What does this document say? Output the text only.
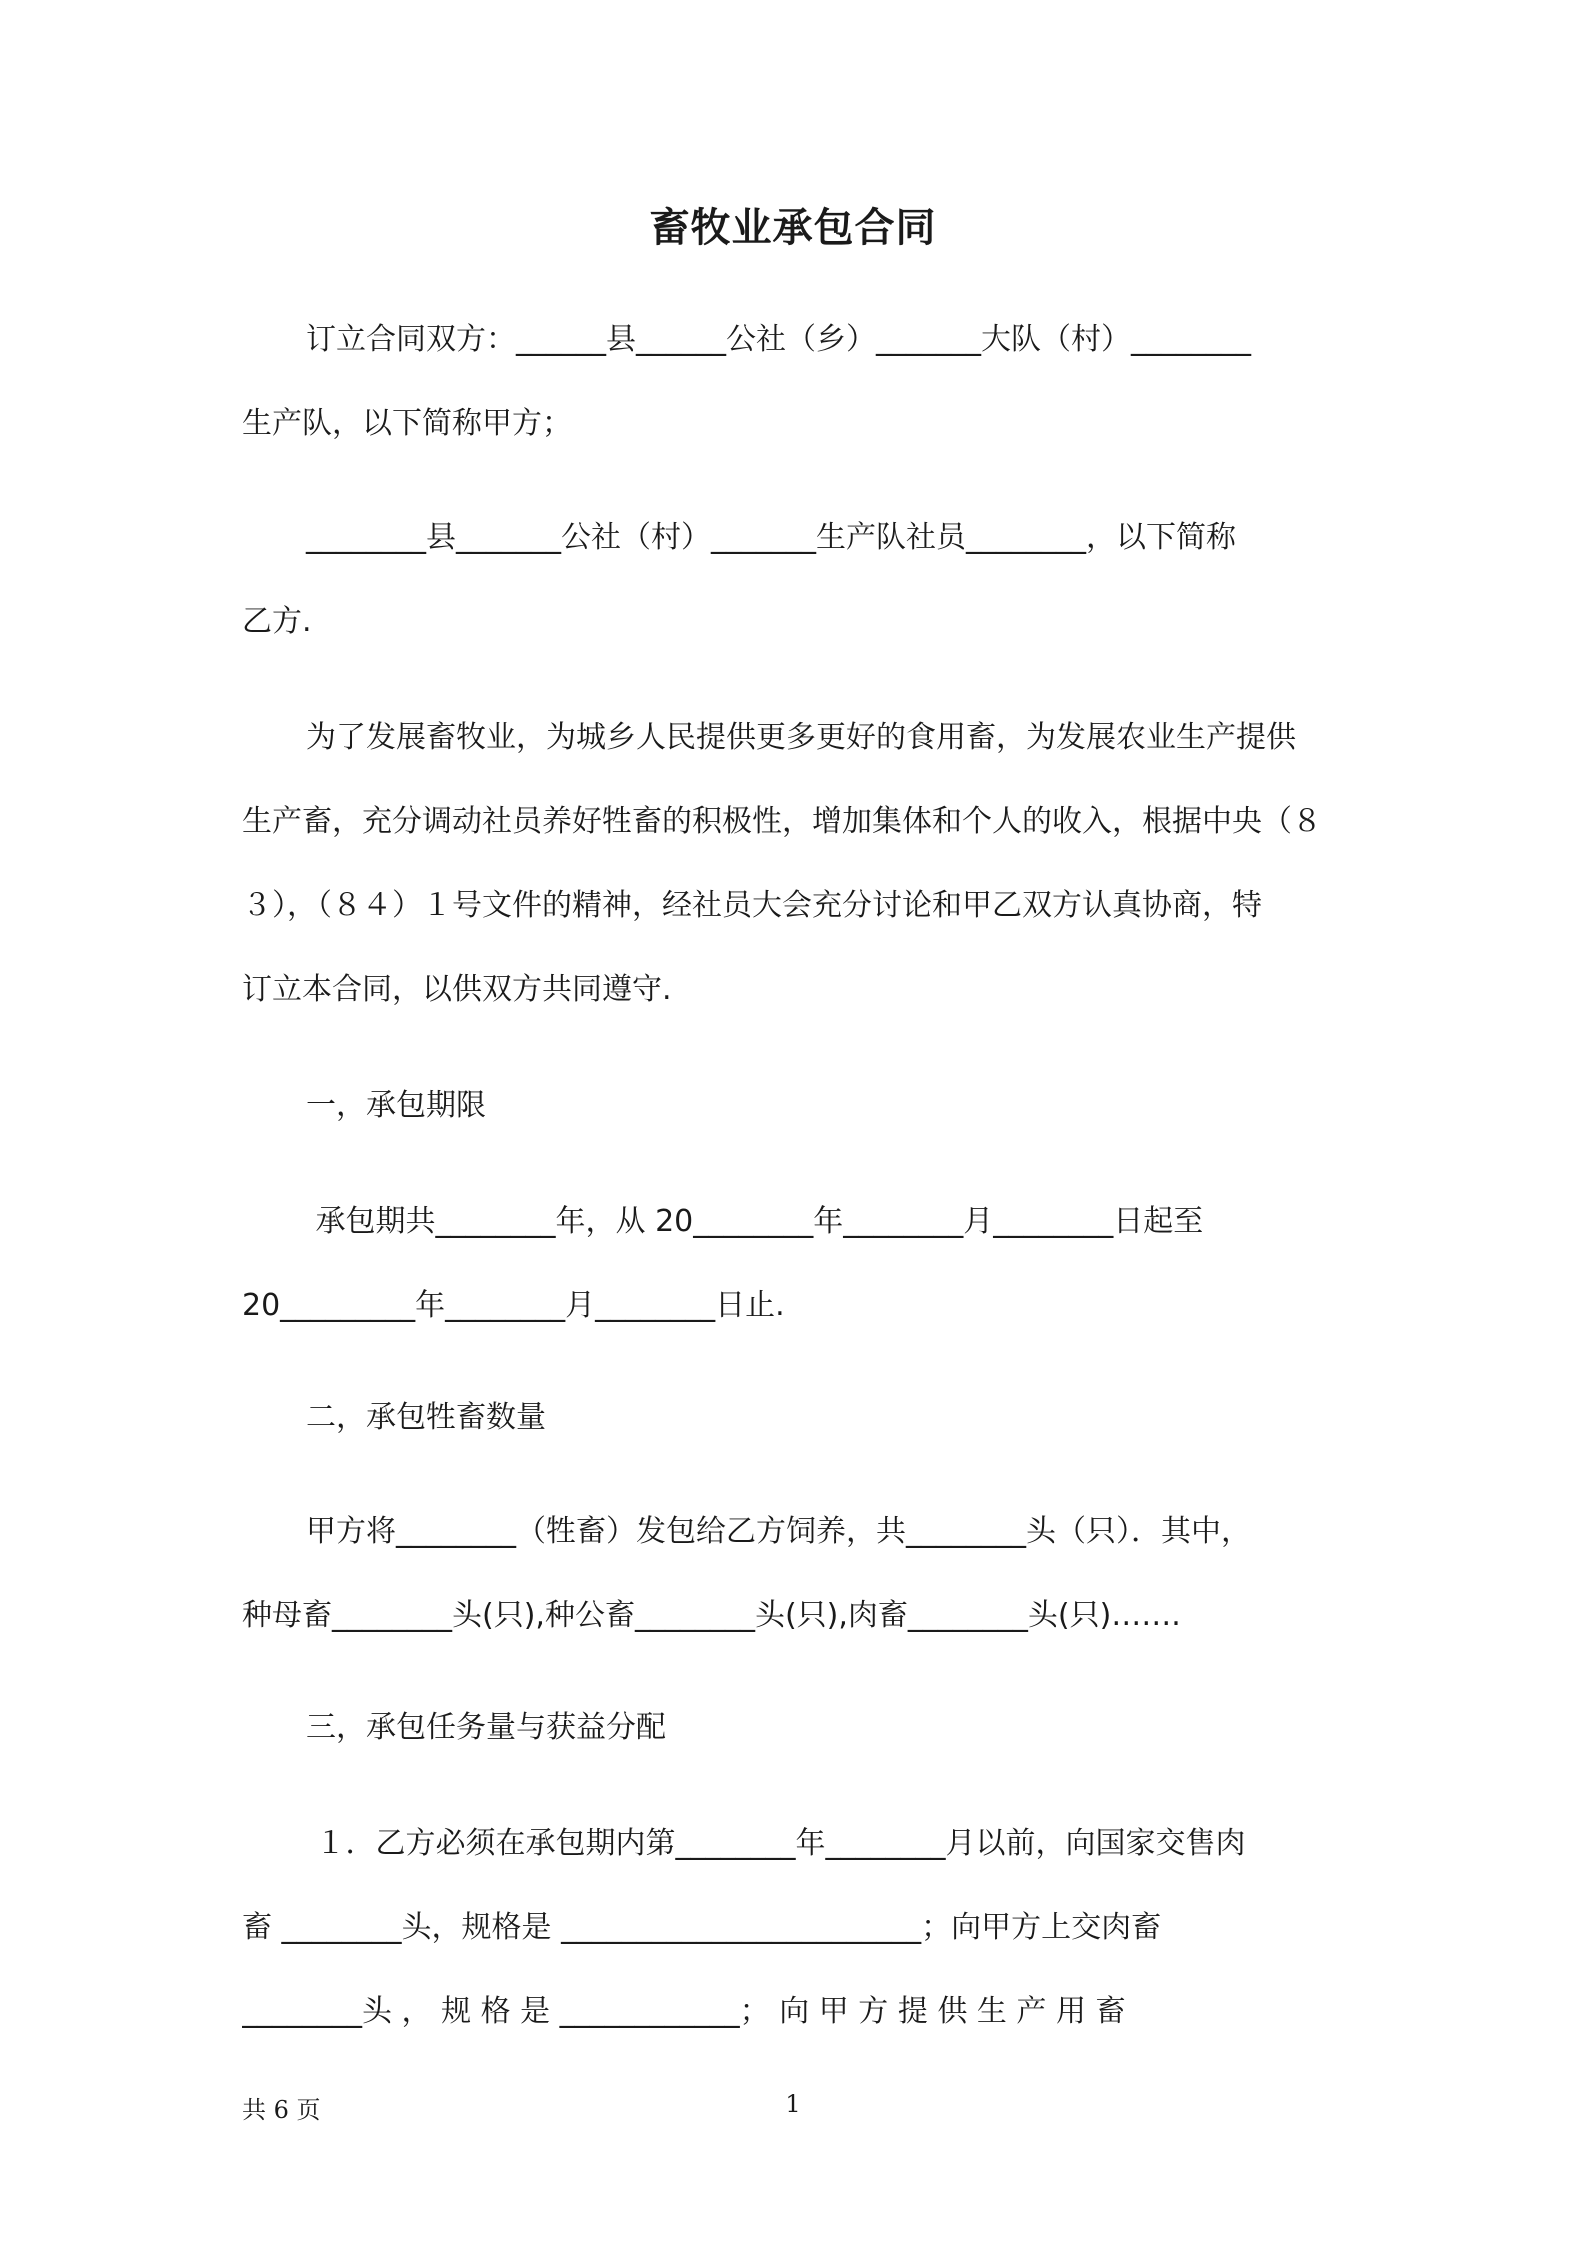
畜牧业承包合同

订立合同双方：______县______公社（乡）_______大队（村）________

生产队，以下简称甲方；

________县_______公社（村）_______生产队社员________，以下简称

乙方.

为了发展畜牧业，为城乡人民提供更多更好的食用畜，为发展农业生产提供

生产畜，充分调动社员养好牲畜的积极性，增加集体和个人的收入，根据中央（８

３），（８４）１号文件的精神，经社员大会充分讨论和甲乙双方认真协商，特

订立本合同，以供双方共同遵守.

一，承包期限

承包期共________年，从 20________年________月________日起至

20_________年________月________日止.

二，承包牲畜数量

甲方将________（牲畜）发包给乙方饲养，共________头（只）．其中，

种母畜________头(只),种公畜________头(只),肉畜________头(只)…….

三，承包任务量与获益分配

１．乙方必须在承包期内第________年________月以前，向国家交售肉

畜 ________头，规格是 ________________________；向甲方上交肉畜

________头 ， 规 格 是 ____________； 向 甲 方 提 供 生 产 用 畜

共 6 页	1
